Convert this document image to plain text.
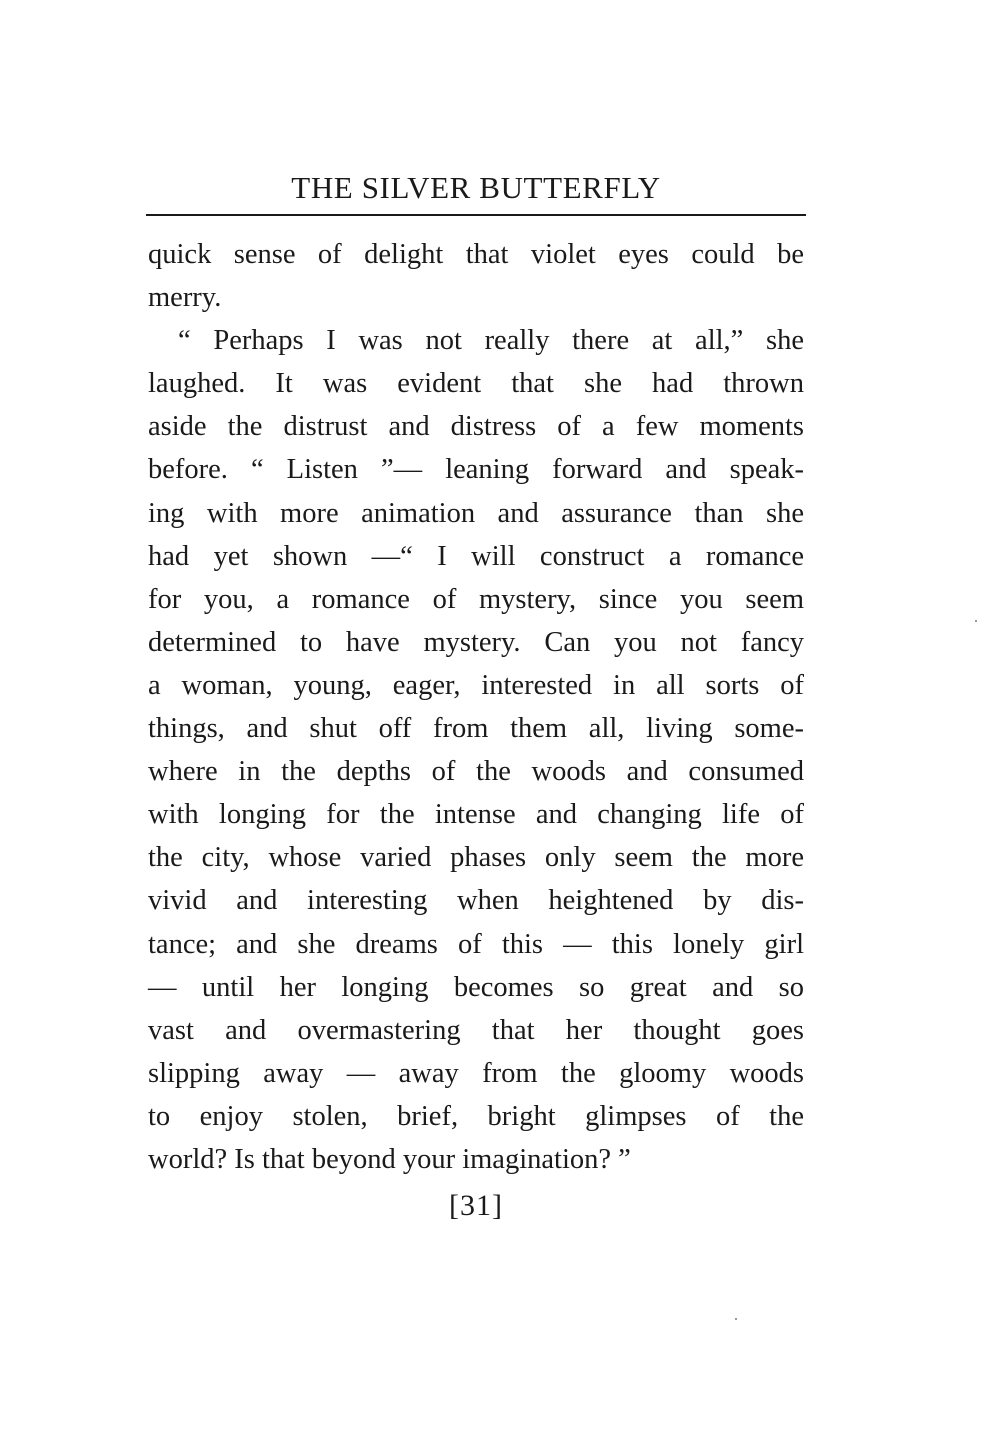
THE SILVER BUTTERFLY
quick sense of delight that violet eyes could be
merry.
“ Perhaps I was not really there at all,” she
laughed. It was evident that she had thrown
aside the distrust and distress of a few moments
before. “ Listen ”— leaning forward and speak-
ing with more animation and assurance than she
had yet shown —“ I will construct a romance
for you, a romance of mystery, since you seem
determined to have mystery. Can you not fancy
a woman, young, eager, interested in all sorts of
things, and shut off from them all, living some-
where in the depths of the woods and consumed
with longing for the intense and changing life of
the city, whose varied phases only seem the more
vivid and interesting when heightened by dis-
tance; and she dreams of this — this lonely girl
— until her longing becomes so great and so
vast and overmastering that her thought goes
slipping away — away from the gloomy woods
to enjoy stolen, brief, bright glimpses of the
world? Is that beyond your imagination? ”
[31]
